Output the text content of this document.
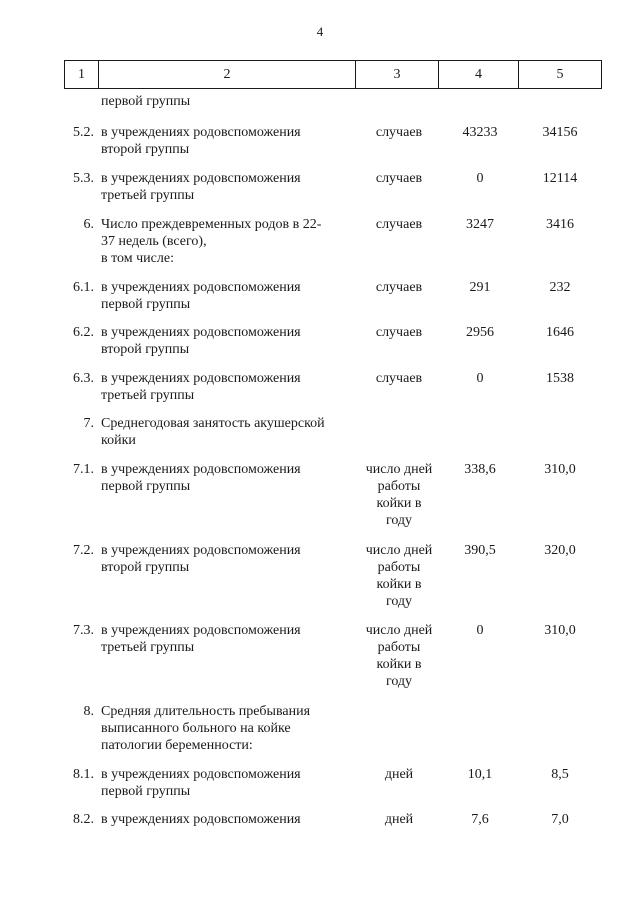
4
1	2	3	4	5
первой группы
5.2. в учреждениях родовспоможения
второй группы
случаев	43233	34156
5.3. в учреждениях родовспоможения
третьей группы
случаев	0	12114
6. Число преждевременных родов в 22-
37 недель (всего),
в том числе:
случаев	3247	3416
6.1. в учреждениях родовспоможения
первой группы
случаев	291	232
6.2. в учреждениях родовспоможения
второй группы
случаев	2956	1646
6.3. в учреждениях родовспоможения
третьей группы
случаев	0	1538
7. Среднегодовая занятость акушерской
койки
7.1. в учреждениях родовспоможения
первой группы
число дней
работы
койки в
году
338,6	310,0
7.2. в учреждениях родовспоможения
второй группы
число дней
работы
койки в
году
390,5	320,0
7.3. в учреждениях родовспоможения
третьей группы
число дней
работы
койки в
году
0	310,0
8. Средняя длительность пребывания
выписанного больного на койке
патологии беременности:
8.1. в учреждениях родовспоможения
первой группы
дней	10,1	8,5
8.2. в учреждениях родовспоможения	дней	7,6	7,0
